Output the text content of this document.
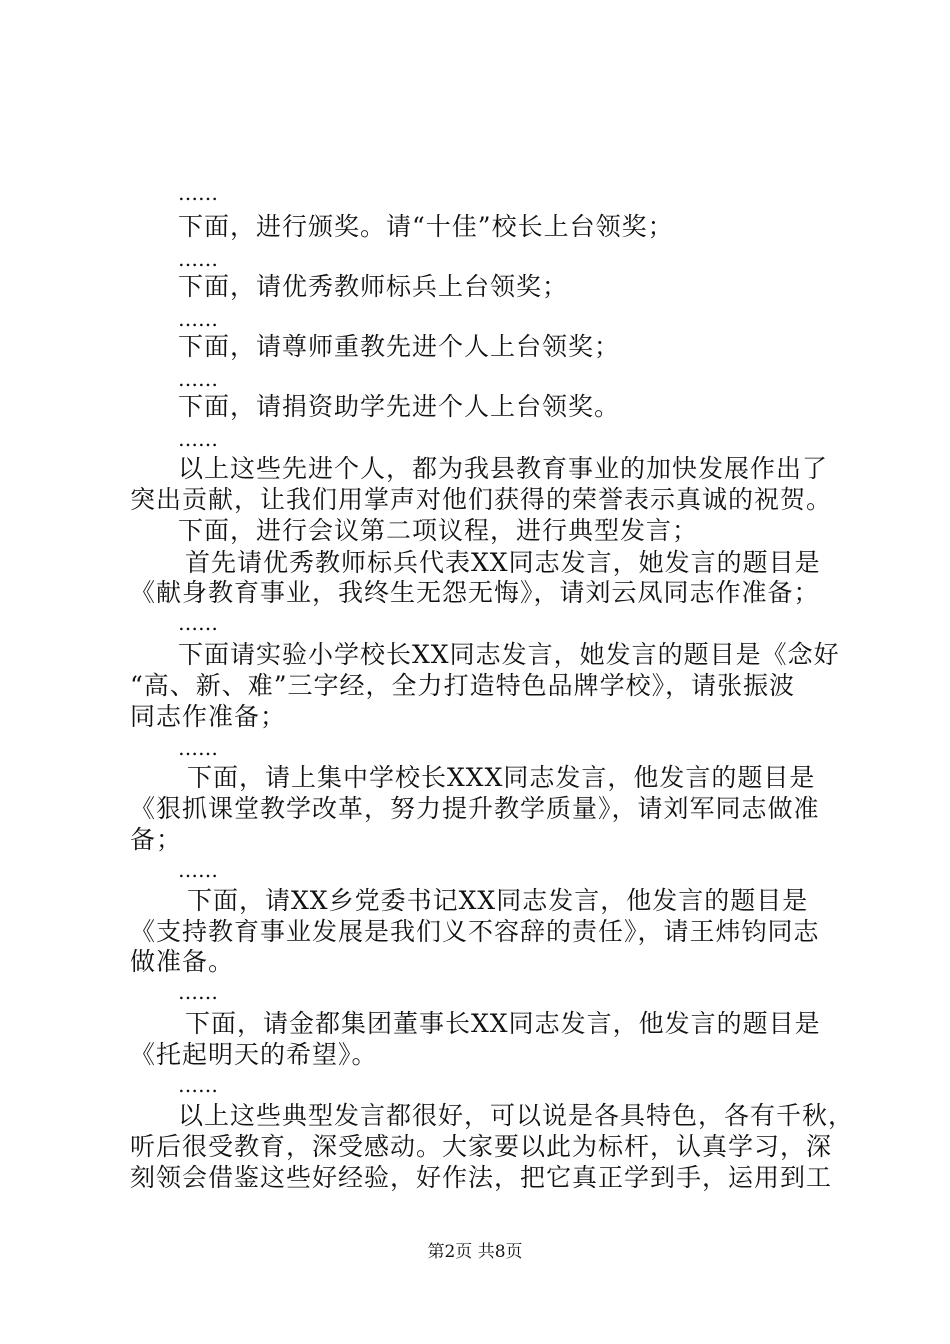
……

下面，进行颁奖。请“十佳”校长上台领奖；

……

下面，请优秀教师标兵上台领奖；

……

下面，请尊师重教先进个人上台领奖；

……

下面，请捐资助学先进个人上台领奖。

……

以上这些先进个人，都为我县教育事业的加快发展作出了

突出贡献，让我们用掌声对他们获得的荣誉表示真诚的祝贺。

下面，进行会议第二项议程，进行典型发言；

首先请优秀教师标兵代表XX同志发言，她发言的题目是

《献身教育事业，我终生无怨无悔》，请刘云凤同志作准备；

……

下面请实验小学校长XX同志发言，她发言的题目是《念好

“高、新、难”三字经，全力打造特色品牌学校》，请张振波

同志作准备；

……

下面，请上集中学校长XXX同志发言，他发言的题目是

《狠抓课堂教学改革，努力提升教学质量》，请刘军同志做准

备；

……

下面，请XX乡党委书记XX同志发言，他发言的题目是

《支持教育事业发展是我们义不容辞的责任》，请王炜钧同志

做准备。

……

下面，请金都集团董事长XX同志发言，他发言的题目是

《托起明天的希望》。

……

以上这些典型发言都很好，可以说是各具特色，各有千秋，

听后很受教育，深受感动。大家要以此为标杆，认真学习，深

刻领会借鉴这些好经验，好作法，把它真正学到手，运用到工

第2页 共8页
